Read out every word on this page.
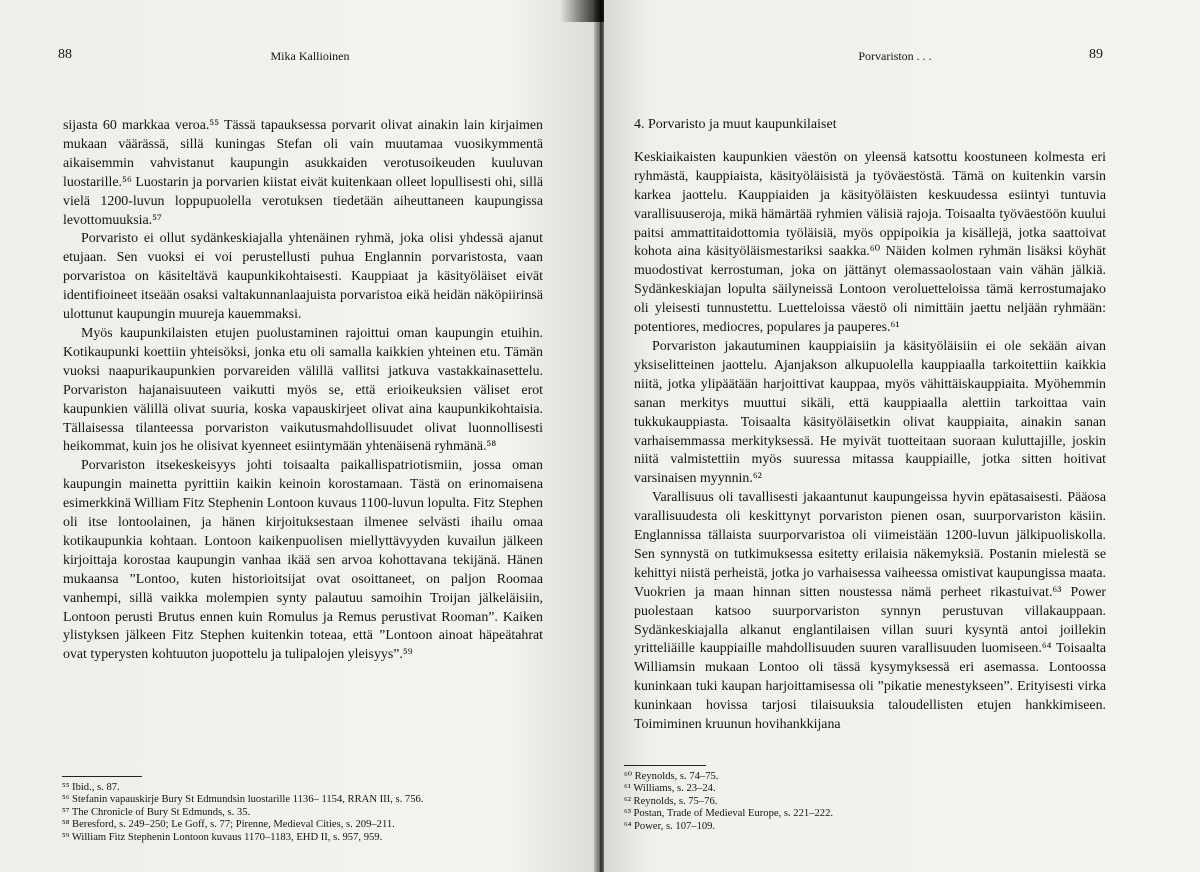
88	Mika Kallioinen

sijasta 60 markkaa veroa.⁵⁵ Tässä tapauksessa porvarit olivat ainakin lain kirjaimen mukaan väärässä, sillä kuningas Stefan oli vain muutamaa vuosikymmentä aikaisemmin vahvistanut kaupungin asukkaiden verotusoikeuden kuuluvan luostarille.⁵⁶ Luostarin ja porvarien kiistat eivät kuitenkaan olleet lopullisesti ohi, sillä vielä 1200-luvun loppupuolella verotuksen tiedetään aiheuttaneen kaupungissa levottomuuksia.⁵⁷

Porvaristo ei ollut sydänkeskiajalla yhtenäinen ryhmä, joka olisi yhdessä ajanut etujaan. Sen vuoksi ei voi perustellusti puhua Englannin porvaristosta, vaan porvaristoa on käsiteltävä kaupunkikohtaisesti. Kauppiaat ja käsityöläiset eivät identifioineet itseään osaksi valtakunnanlaajuista porvaristoa eikä heidän näköpiirinsä ulottunut kaupungin muureja kauemmaksi.

Myös kaupunkilaisten etujen puolustaminen rajoittui oman kaupungin etuihin. Kotikaupunki koettiin yhteisöksi, jonka etu oli samalla kaikkien yhteinen etu. Tämän vuoksi naapurikaupunkien porvareiden välillä vallitsi jatkuva vastakkainasettelu. Porvariston hajanaisuuteen vaikutti myös se, että erioikeuksien väliset erot kaupunkien välillä olivat suuria, koska vapauskirjeet olivat aina kaupunkikohtaisia. Tällaisessa tilanteessa porvariston vaikutusmahdollisuudet olivat luonnollisesti heikommat, kuin jos he olisivat kyenneet esiintymään yhtenäisenä ryhmänä.⁵⁸

Porvariston itsekeskeisyys johti toisaalta paikallispatriotismiin, jossa oman kaupungin mainetta pyrittiin kaikin keinoin korostamaan. Tästä on erinomaisena esimerkkinä William Fitz Stephenin Lontoon kuvaus 1100-luvun lopulta. Fitz Stephen oli itse lontoolainen, ja hänen kirjoituksestaan ilmenee selvästi ihailu omaa kotikaupunkia kohtaan. Lontoon kaikenpuolisen miellyttävyyden kuvailun jälkeen kirjoittaja korostaa kaupungin vanhaa ikää sen arvoa kohottavana tekijänä. Hänen mukaansa ”Lontoo, kuten historioitsijat ovat osoittaneet, on paljon Roomaa vanhempi, sillä vaikka molempien synty palautuu samoihin Troijan jälkeläisiin, Lontoon perusti Brutus ennen kuin Romulus ja Remus perustivat Rooman”. Kaiken ylistyksen jälkeen Fitz Stephen kuitenkin toteaa, että ”Lontoon ainoat häpeätahrat ovat typerysten kohtuuton juopottelu ja tulipalojen yleisyys”.⁵⁹

⁵⁵ Ibid., s. 87.
⁵⁶ Stefanin vapauskirje Bury St Edmundsin luostarille 1136– 1154, RRAN III, s. 756.
⁵⁷ The Chronicle of Bury St Edmunds, s. 35.
⁵⁸ Beresford, s. 249–250; Le Goff, s. 77; Pirenne, Medieval Cities, s. 209–211.
⁵⁹ William Fitz Stephenin Lontoon kuvaus 1170–1183, EHD II, s. 957, 959.
Porvariston . . .	89
4. Porvaristo ja muut kaupunkilaiset

Keskiaikaisten kaupunkien väestön on yleensä katsottu koostuneen kolmesta eri ryhmästä, kauppiaista, käsityöläisistä ja työväestöstä. Tämä on kuitenkin varsin karkea jaottelu. Kauppiaiden ja käsityöläisten keskuudessa esiintyi tuntuvia varallisuuseroja, mikä hämärtää ryhmien välisiä rajoja. Toisaalta työväestöön kuului paitsi ammattitaidottomia työläisiä, myös oppipoikia ja kisällejä, jotka saattoivat kohota aina käsityöläismestariksi saakka.⁶⁰ Näiden kolmen ryhmän lisäksi köyhät muodostivat kerrostuman, joka on jättänyt olemassaolostaan vain vähän jälkiä. Sydänkeskiajan lopulta säilyneissä Lontoon veroluetteloissa tämä kerrostumajako oli yleisesti tunnustettu. Luetteloissa väestö oli nimittäin jaettu neljään ryhmään: potentiores, mediocres, populares ja pauperes.⁶¹

Porvariston jakautuminen kauppiaisiin ja käsityöläisiin ei ole sekään aivan yksiselitteinen jaottelu. Ajanjakson alkupuolella kauppiaalla tarkoitettiin kaikkia niitä, jotka ylipäätään harjoittivat kauppaa, myös vähittäiskauppiaita. Myöhemmin sanan merkitys muuttui sikäli, että kauppiaalla alettiin tarkoittaa vain tukkukauppiasta. Toisaalta käsityöläisetkin olivat kauppiaita, ainakin sanan varhaisemmassa merkityksessä. He myivät tuotteitaan suoraan kuluttajille, joskin niitä valmistettiin myös suuressa mitassa kauppiaille, jotka sitten hoitivat varsinaisen myynnin.⁶²

Varallisuus oli tavallisesti jakaantunut kaupungeissa hyvin epätasaisesti. Pääosa varallisuudesta oli keskittynyt porvariston pienen osan, suurporvariston käsiin. Englannissa tällaista suurporvaristoa oli viimeistään 1200-luvun jälkipuoliskolla. Sen synnystä on tutkimuksessa esitetty erilaisia näkemyksiä. Postanin mielestä se kehittyi niistä perheistä, jotka jo varhaisessa vaiheessa omistivat kaupungissa maata. Vuokrien ja maan hinnan sitten noustessa nämä perheet rikastuivat.⁶³ Power puolestaan katsoo suurporvariston synnyn perustuvan villakauppaan. Sydänkeskiajalla alkanut englantilaisen villan suuri kysyntä antoi joillekin yritteliäille kauppiaille mahdollisuuden suuren varallisuuden luomiseen.⁶⁴ Toisaalta Williamsin mukaan Lontoo oli tässä kysymyksessä eri asemassa. Lontoossa kuninkaan tuki kaupan harjoittamisessa oli ”pikatie menestykseen”. Erityisesti virka kuninkaan hovissa tarjosi tilaisuuksia taloudellisten etujen hankkimiseen. Toimiminen kruunun hovihankkijana

⁶⁰ Reynolds, s. 74–75.
⁶¹ Williams, s. 23–24.
⁶² Reynolds, s. 75–76.
⁶³ Postan, Trade of Medieval Europe, s. 221–222.
⁶⁴ Power, s. 107–109.
